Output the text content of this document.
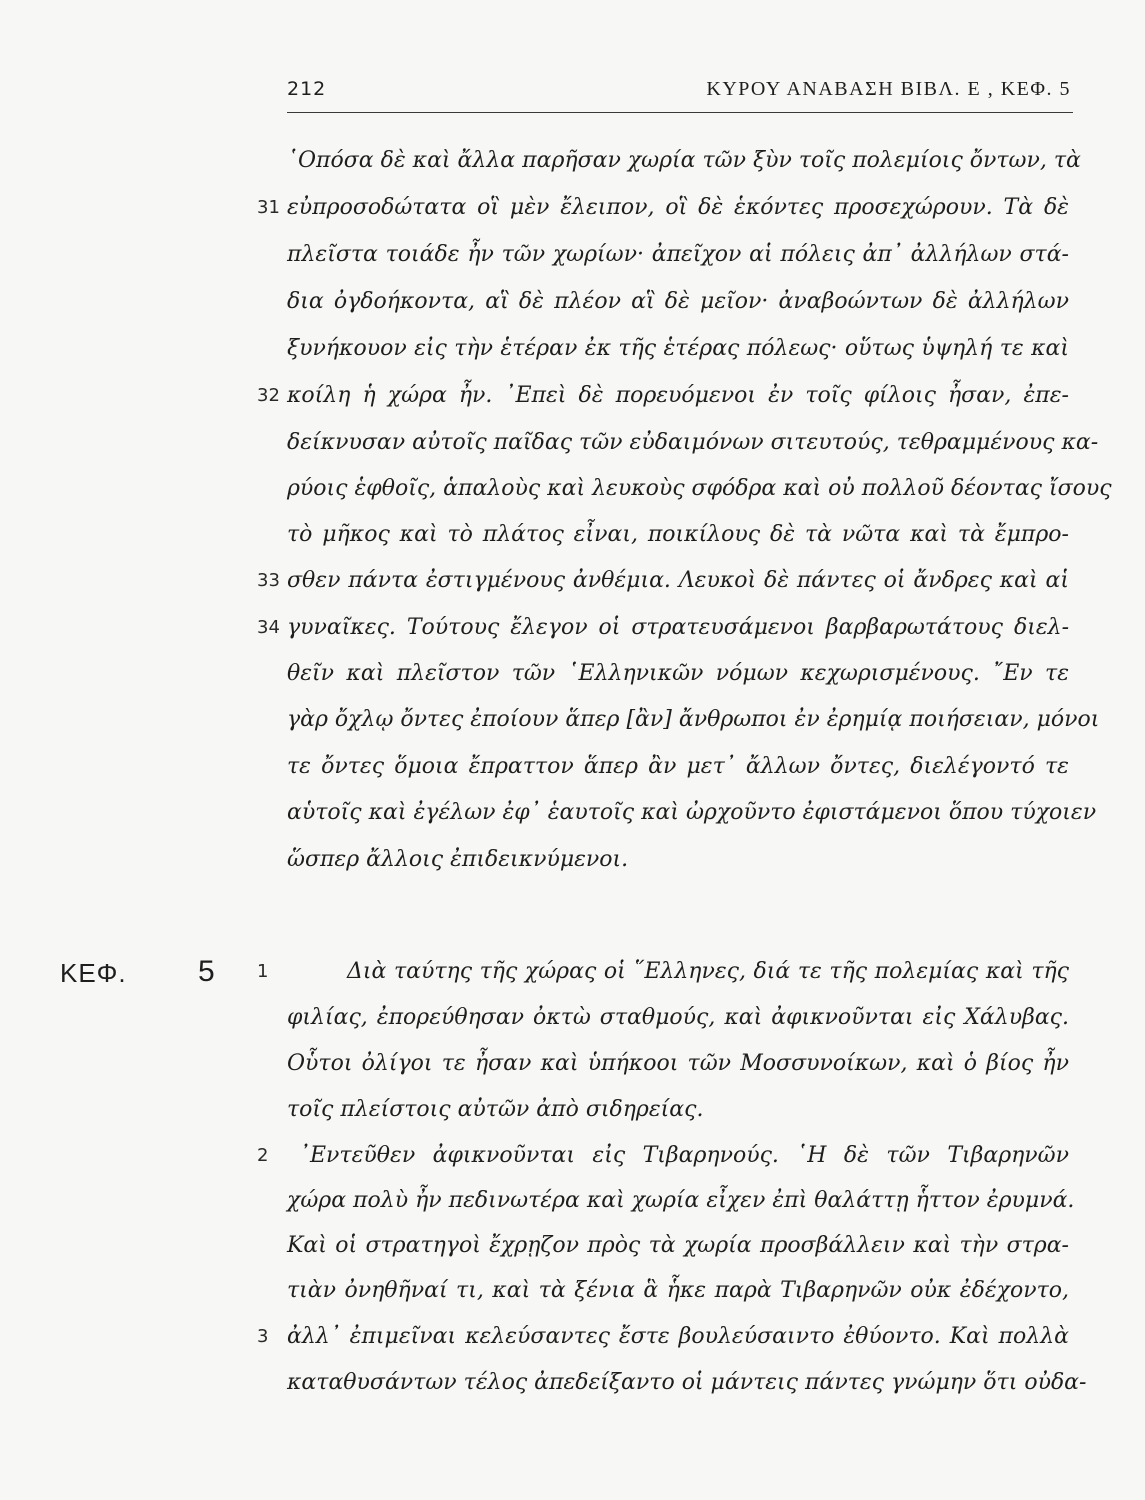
212	ΚΥΡΟΥ ΑΝΑΒΑΣΗ ΒΙΒΛ. Ε , ΚΕΦ. 5
31
32
33
34
1
2
3
ΚΕΦ. 5
῾Οπόσα δὲ καὶ ἄλλα παρῆσαν χωρία τῶν ξὺν τοῖς πολεμίοις ὄντων, τὰ
εὐπροσοδώτατα οἳ μὲν ἔλειπον, οἳ δὲ ἑκόντες προσεχώρουν. Τὰ δὲ
πλεῖστα τοιάδε ἦν τῶν χωρίων· ἀπεῖχον αἱ πόλεις ἀπ᾽ ἀλλήλων στά-
δια ὀγδοήκοντα, αἳ δὲ πλέον αἳ δὲ μεῖον· ἀναβοώντων δὲ ἀλλήλων
ξυνήκουον εἰς τὴν ἑτέραν ἐκ τῆς ἑτέρας πόλεως· οὕτως ὑψηλή τε καὶ
κοίλη ἡ χώρα ἦν. ᾿Επεὶ δὲ πορευόμενοι ἐν τοῖς φίλοις ἦσαν, ἐπε-
δείκνυσαν αὐτοῖς παῖδας τῶν εὐδαιμόνων σιτευτούς, τεθραμμένους κα-
ρύοις ἑφθοῖς, ἁπαλοὺς καὶ λευκοὺς σφόδρα καὶ οὐ πολλοῦ δέοντας ἴσους
τὸ μῆκος καὶ τὸ πλάτος εἶναι, ποικίλους δὲ τὰ νῶτα καὶ τὰ ἔμπρο-
σθεν πάντα ἐστιγμένους ἀνθέμια. Λευκοὶ δὲ πάντες οἱ ἄνδρες καὶ αἱ
γυναῖκες. Τούτους ἔλεγον οἱ στρατευσάμενοι βαρβαρωτάτους διελ-
θεῖν καὶ πλεῖστον τῶν ῾Ελληνικῶν νόμων κεχωρισμένους. ῎Εν τε
γὰρ ὄχλῳ ὄντες ἐποίουν ἅπερ [ἂν] ἄνθρωποι ἐν ἐρημίᾳ ποιήσειαν, μόνοι
τε ὄντες ὅμοια ἔπραττον ἅπερ ἂν μετ᾽ ἄλλων ὄντες, διελέγοντό τε
αὑτοῖς καὶ ἐγέλων ἐφ᾽ ἑαυτοῖς καὶ ὠρχοῦντο ἐφιστάμενοι ὅπου τύχοιεν
ὥσπερ ἄλλοις ἐπιδεικνύμενοι.
Διὰ ταύτης τῆς χώρας οἱ ῞Ελληνες, διά τε τῆς πολεμίας καὶ τῆς
φιλίας, ἐπορεύθησαν ὀκτὼ σταθμούς, καὶ ἀφικνοῦνται εἰς Χάλυβας.
Οὗτοι ὀλίγοι τε ἦσαν καὶ ὑπήκοοι τῶν Μοσσυνοίκων, καὶ ὁ βίος ἦν
τοῖς πλείστοις αὐτῶν ἀπὸ σιδηρείας.
᾿Εντεῦθεν ἀφικνοῦνται εἰς Τιβαρηνούς. ῾Η δὲ τῶν Τιβαρηνῶν
χώρα πολὺ ἦν πεδινωτέρα καὶ χωρία εἶχεν ἐπὶ θαλάττῃ ἧττον ἐρυμνά.
Καὶ οἱ στρατηγοὶ ἔχρῃζον πρὸς τὰ χωρία προσβάλλειν καὶ τὴν στρα-
τιὰν ὀνηθῆναί τι, καὶ τὰ ξένια ἃ ἧκε παρὰ Τιβαρηνῶν οὐκ ἐδέχοντο,
ἀλλ᾽ ἐπιμεῖναι κελεύσαντες ἔστε βουλεύσαιντο ἐθύοντο. Καὶ πολλὰ
καταθυσάντων τέλος ἀπεδείξαντο οἱ μάντεις πάντες γνώμην ὅτι οὐδα-
